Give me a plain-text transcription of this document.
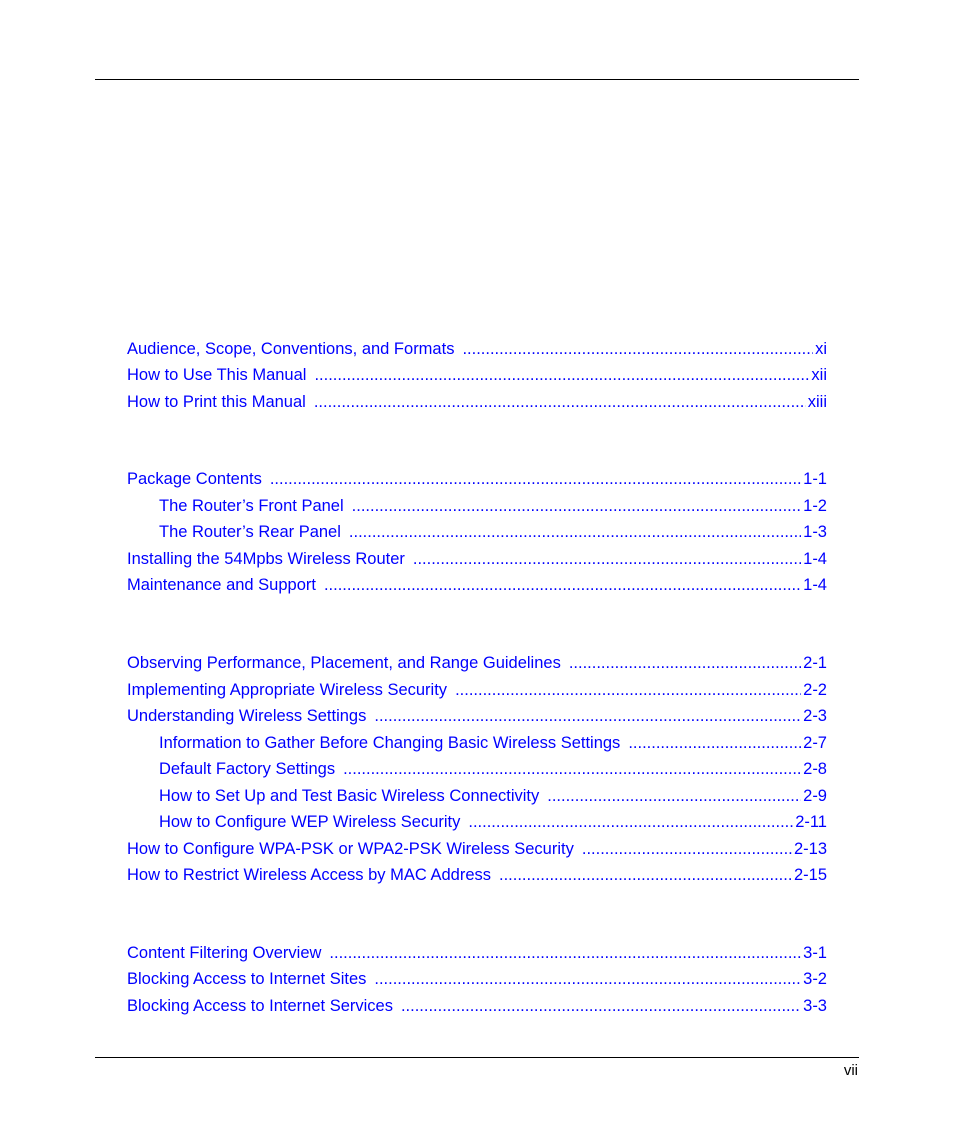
Audience, Scope, Conventions, and Formats .....	xi
How to Use This Manual .....	xii
How to Print this Manual .....	xiii
Package Contents .....	1-1
The Router’s Front Panel .....	1-2
The Router’s Rear Panel .....	1-3
Installing the 54Mpbs Wireless Router .....	1-4
Maintenance and Support .....	1-4
Observing Performance, Placement, and Range Guidelines .....	2-1
Implementing Appropriate Wireless Security .....	2-2
Understanding Wireless Settings .....	2-3
Information to Gather Before Changing Basic Wireless Settings .....	2-7
Default Factory Settings .....	2-8
How to Set Up and Test Basic Wireless Connectivity .....	2-9
How to Configure WEP Wireless Security .....	2-11
How to Configure WPA-PSK or WPA2-PSK Wireless Security .....	2-13
How to Restrict Wireless Access by MAC Address .....	2-15
Content Filtering Overview .....	3-1
Blocking Access to Internet Sites .....	3-2
Blocking Access to Internet Services .....	3-3
vii
